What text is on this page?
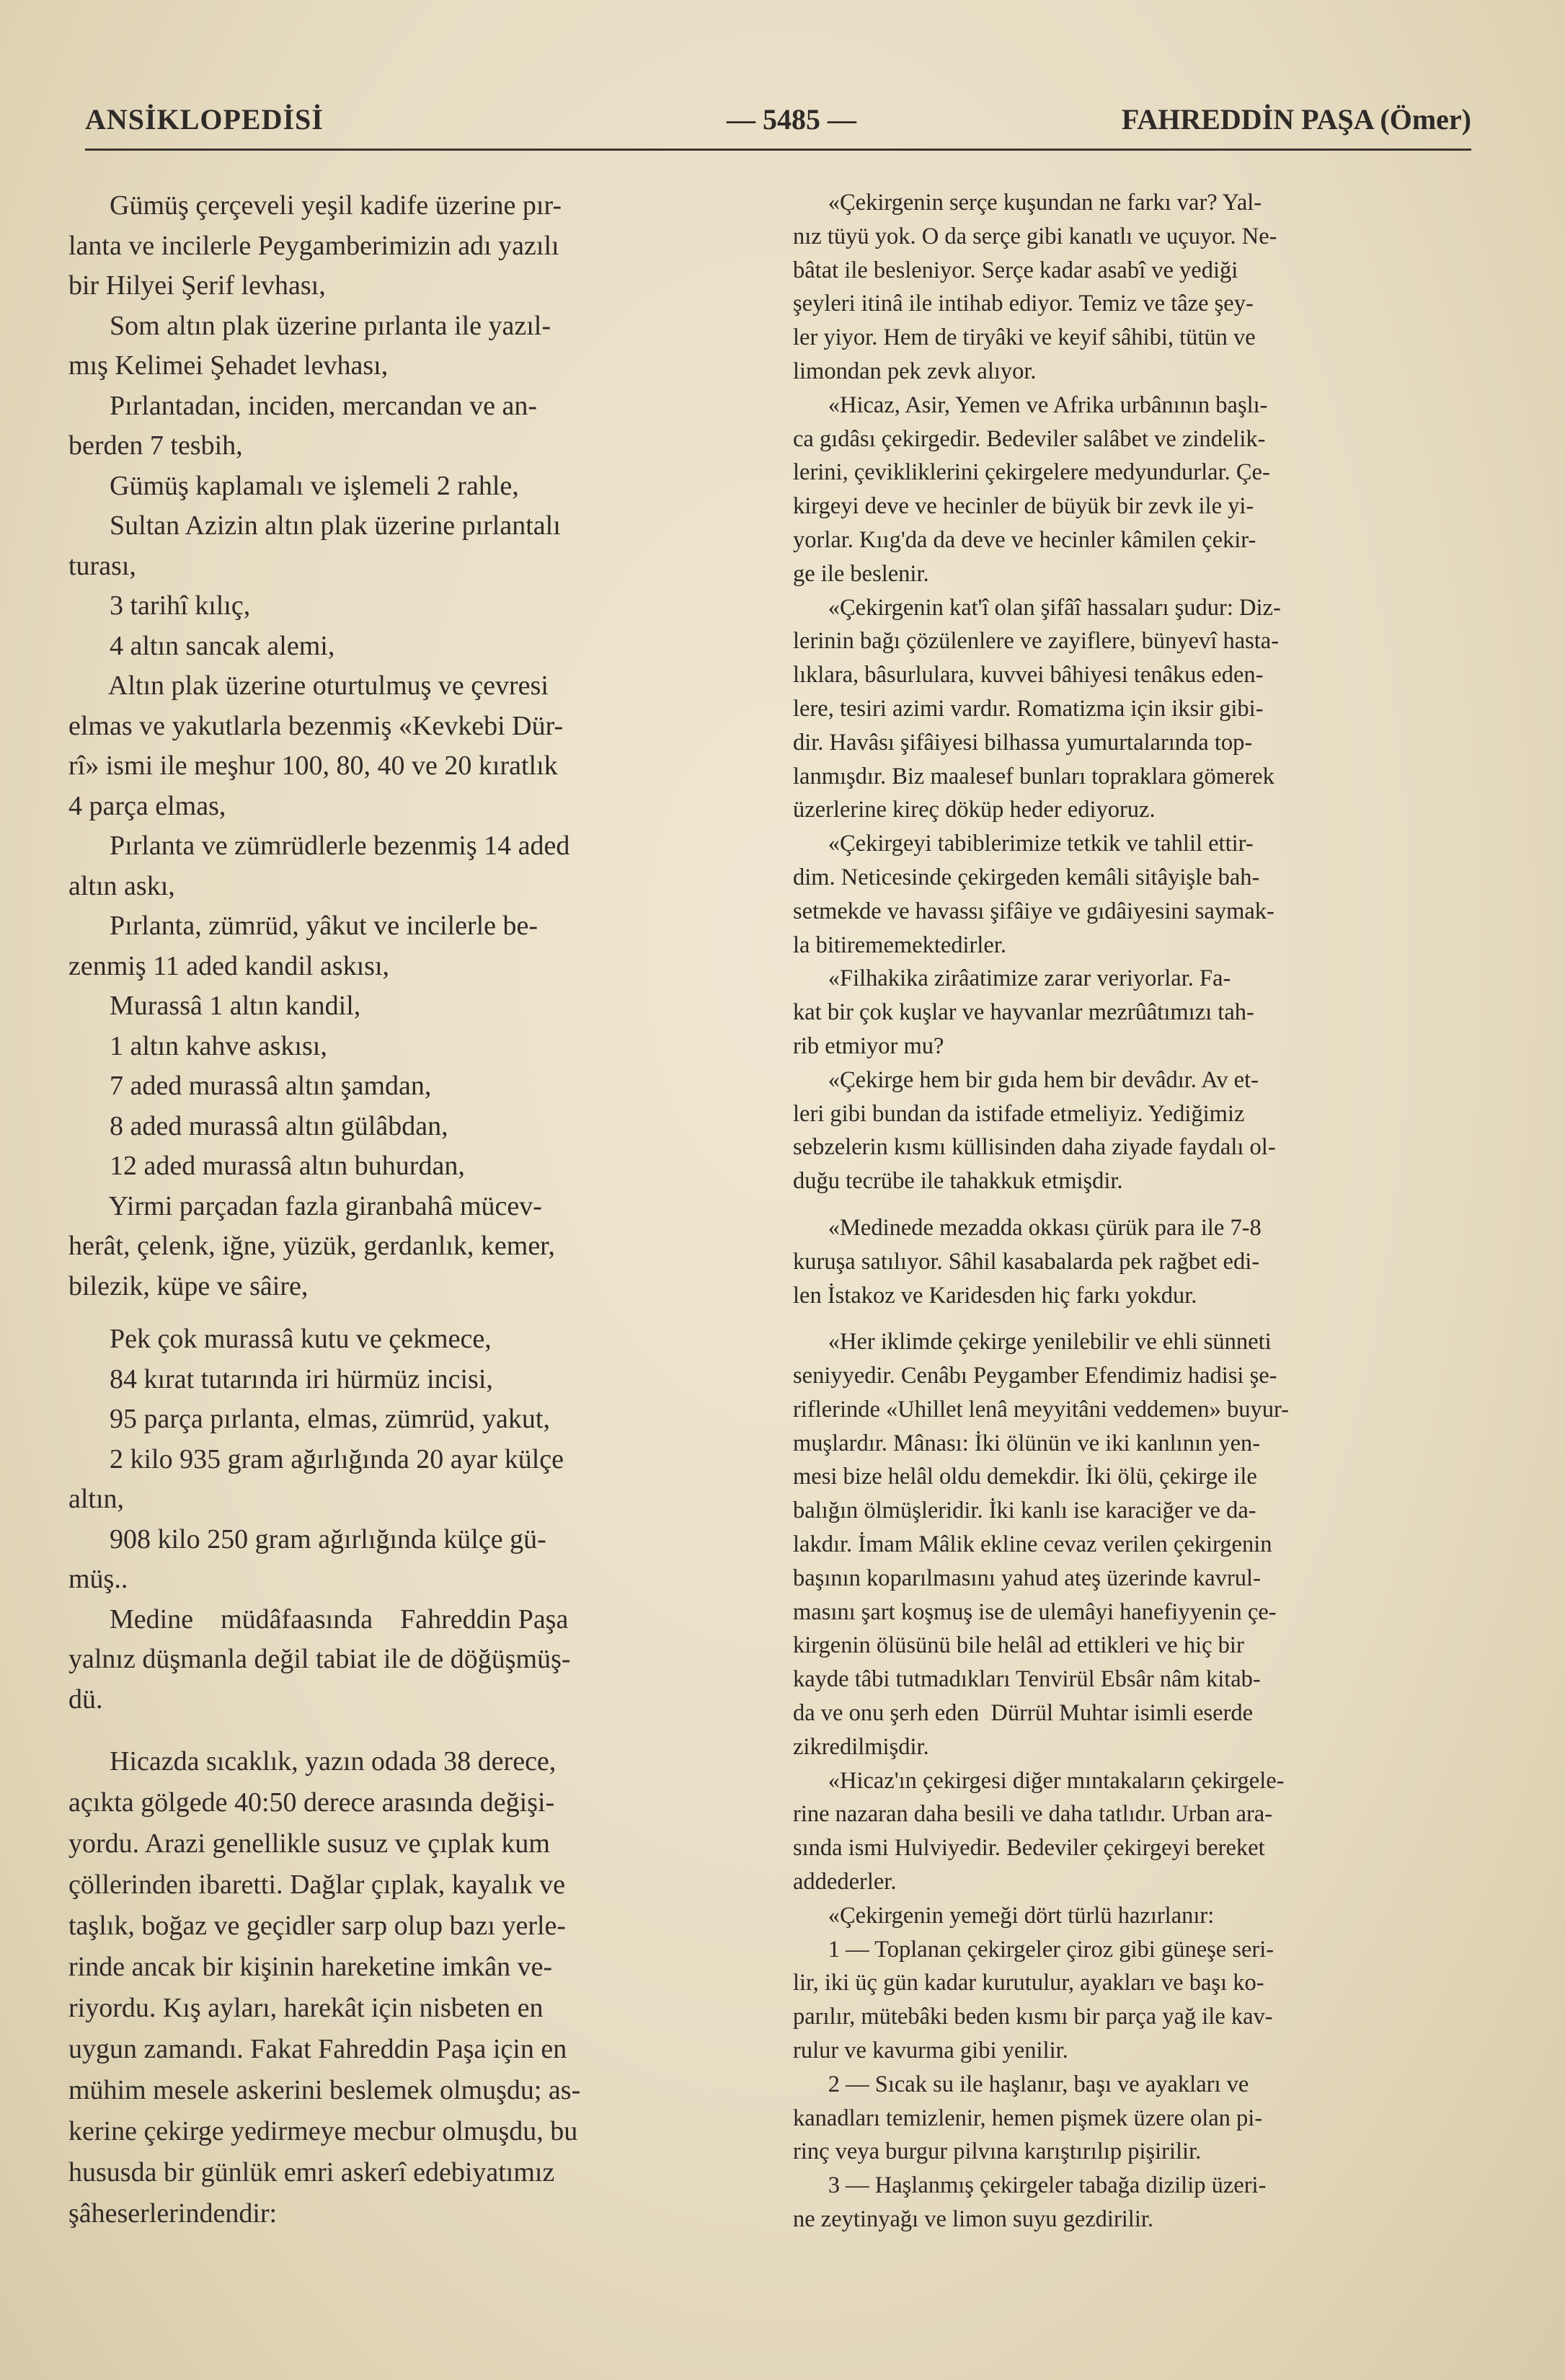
ANSİKLOPEDİSİ	— 5485 —	FAHREDDİN PAŞA (Ömer)

Gümüş çerçeveli yeşil kadife üzerine pır-

lanta ve incilerle Peygamberimizin adı yazılı

bir Hilyei Şerif levhası,

Som altın plak üzerine pırlanta ile yazıl-

mış Kelimei Şehadet levhası,

Pırlantadan, inciden, mercandan ve an-

berden 7 tesbih,

Gümüş kaplamalı ve işlemeli 2 rahle,

Sultan Azizin altın plak üzerine pırlantalı

turası,

3 tarihî kılıç,

4 altın sancak alemi,

Altın plak üzerine oturtulmuş ve çevresi

elmas ve yakutlarla bezenmiş «Kevkebi Dür-

rî» ismi ile meşhur 100, 80, 40 ve 20 kıratlık

4 parça elmas,

Pırlanta ve zümrüdlerle bezenmiş 14 aded

altın askı,

Pırlanta, zümrüd, yâkut ve incilerle be-

zenmiş 11 aded kandil askısı,

Murassâ 1 altın kandil,

1 altın kahve askısı,

7 aded murassâ altın şamdan,

8 aded murassâ altın gülâbdan,

12 aded murassâ altın buhurdan,

Yirmi parçadan fazla giranbahâ mücev-

herât, çelenk, iğne, yüzük, gerdanlık, kemer,

bilezik, küpe ve sâire,

Pek çok murassâ kutu ve çekmece,

84 kırat tutarında iri hürmüz incisi,

95 parça pırlanta, elmas, zümrüd, yakut,

2 kilo 935 gram ağırlığında 20 ayar külçe

altın,

908 kilo 250 gram ağırlığında külçe gü-

müş..

Medine    müdâfaasında    Fahreddin Paşa

yalnız düşmanla değil tabiat ile de döğüşmüş-

dü.

Hicazda sıcaklık, yazın odada 38 derece,

açıkta gölgede 40:50 derece arasında değişi-

yordu. Arazi genellikle susuz ve çıplak kum

çöllerinden ibaretti. Dağlar çıplak, kayalık ve

taşlık, boğaz ve geçidler sarp olup bazı yerle-

rinde ancak bir kişinin hareketine imkân ve-

riyordu. Kış ayları, harekât için nisbeten en

uygun zamandı. Fakat Fahreddin Paşa için en

mühim mesele askerini beslemek olmuşdu; as-

kerine çekirge yedirmeye mecbur olmuşdu, bu

hususda bir günlük emri askerî edebiyatımız

şâheserlerindendir:

«Çekirgenin serçe kuşundan ne farkı var? Yal-

nız tüyü yok. O da serçe gibi kanatlı ve uçuyor. Ne-

bâtat ile besleniyor. Serçe kadar asabî ve yediği

şeyleri itinâ ile intihab ediyor. Temiz ve tâze şey-

ler yiyor. Hem de tiryâki ve keyif sâhibi, tütün ve

limondan pek zevk alıyor.

«Hicaz, Asir, Yemen ve Afrika urbânının başlı-

ca gıdâsı çekirgedir. Bedeviler salâbet ve zindelik-

lerini, çevikliklerini çekirgelere medyundurlar. Çe-

kirgeyi deve ve hecinler de büyük bir zevk ile yi-

yorlar. Kııg'da da deve ve hecinler kâmilen çekir-

ge ile beslenir.

«Çekirgenin kat'î olan şifâî hassaları şudur: Diz-

lerinin bağı çözülenlere ve zayiflere, bünyevî hasta-

lıklara, bâsurlulara, kuvvei bâhiyesi tenâkus eden-

lere, tesiri azimi vardır. Romatizma için iksir gibi-

dir. Havâsı şifâiyesi bilhassa yumurtalarında top-

lanmışdır. Biz maalesef bunları topraklara gömerek

üzerlerine kireç döküp heder ediyoruz.

«Çekirgeyi tabiblerimize tetkik ve tahlil ettir-

dim. Neticesinde çekirgeden kemâli sitâyişle bah-

setmekde ve havassı şifâiye ve gıdâiyesini saymak-

la bitirememektedirler.

«Filhakika zirâatimize zarar veriyorlar. Fa-

kat bir çok kuşlar ve hayvanlar mezrûâtımızı tah-

rib etmiyor mu?

«Çekirge hem bir gıda hem bir devâdır. Av et-

leri gibi bundan da istifade etmeliyiz. Yediğimiz

sebzelerin kısmı küllisinden daha ziyade faydalı ol-

duğu tecrübe ile tahakkuk etmişdir.

«Medinede mezadda okkası çürük para ile 7-8

kuruşa satılıyor. Sâhil kasabalarda pek rağbet edi-

len İstakoz ve Karidesden hiç farkı yokdur.

«Her iklimde çekirge yenilebilir ve ehli sünneti

seniyyedir. Cenâbı Peygamber Efendimiz hadisi şe-

riflerinde «Uhillet lenâ meyyitâni veddemen» buyur-

muşlardır. Mânası: İki ölünün ve iki kanlının yen-

mesi bize helâl oldu demekdir. İki ölü, çekirge ile

balığın ölmüşleridir. İki kanlı ise karaciğer ve da-

lakdır. İmam Mâlik ekline cevaz verilen çekirgenin

başının koparılmasını yahud ateş üzerinde kavrul-

masını şart koşmuş ise de ulemâyi hanefiyyenin çe-

kirgenin ölüsünü bile helâl ad ettikleri ve hiç bir

kayde tâbi tutmadıkları Tenvirül Ebsâr nâm kitab-

da ve onu şerh eden  Dürrül Muhtar isimli eserde

zikredilmişdir.

«Hicaz'ın çekirgesi diğer mıntakaların çekirgele-

rine nazaran daha besili ve daha tatlıdır. Urban ara-

sında ismi Hulviyedir. Bedeviler çekirgeyi bereket

addederler.

«Çekirgenin yemeği dört türlü hazırlanır:

1 — Toplanan çekirgeler çiroz gibi güneşe seri-

lir, iki üç gün kadar kurutulur, ayakları ve başı ko-

parılır, mütebâki beden kısmı bir parça yağ ile kav-

rulur ve kavurma gibi yenilir.

2 — Sıcak su ile haşlanır, başı ve ayakları ve

kanadları temizlenir, hemen pişmek üzere olan pi-

rinç veya burgur pilvına karıştırılıp pişirilir.

3 — Haşlanmış çekirgeler tabağa dizilip üzeri-

ne zeytinyağı ve limon suyu gezdirilir.
